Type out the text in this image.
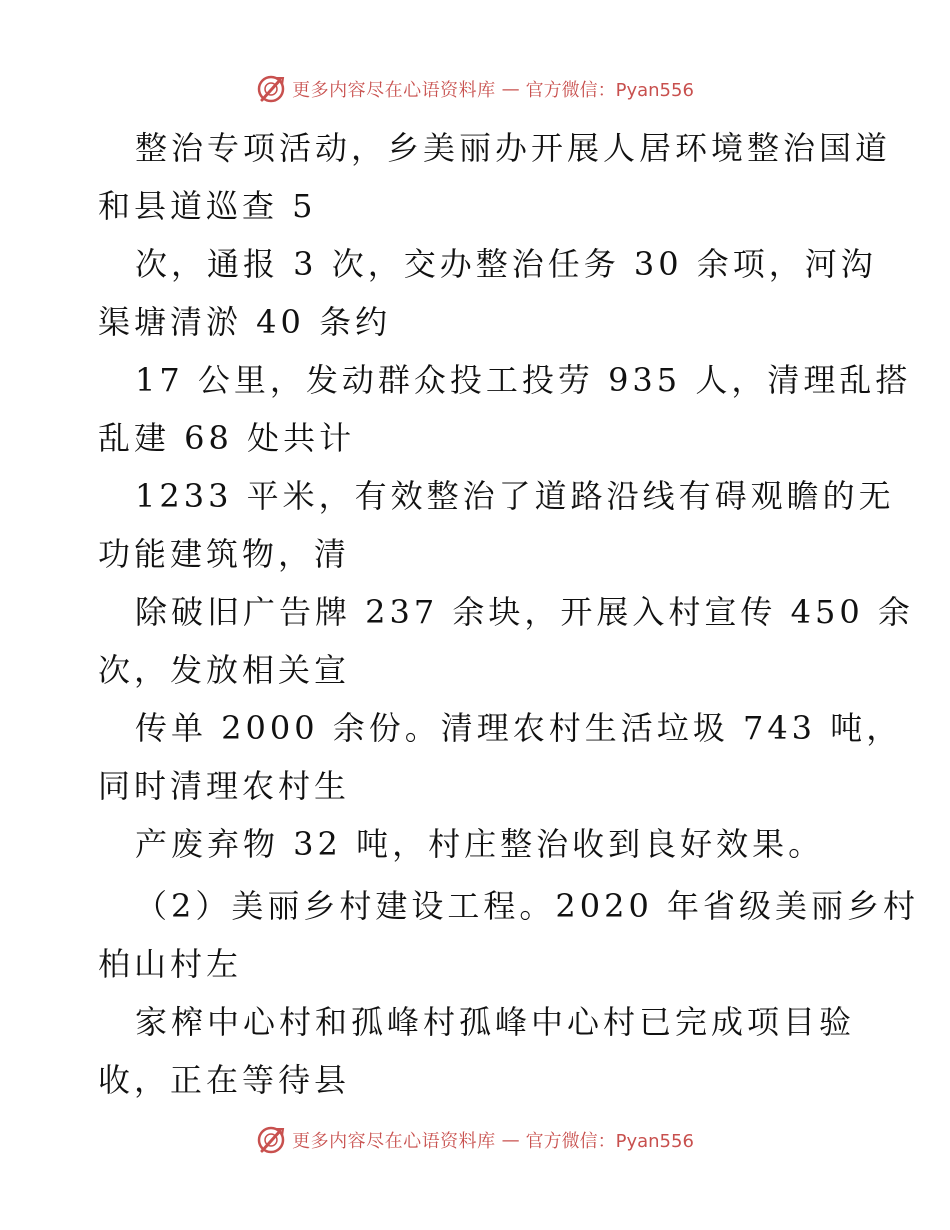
更多内容尽在心语资料库 — 官方微信：Pyan556
整治专项活动，乡美丽办开展人居环境整治国道
和县道巡查 5
次，通报 3 次，交办整治任务 30 余项，河沟
渠塘清淤 40 条约
17 公里，发动群众投工投劳 935 人，清理乱搭
乱建 68 处共计
1233 平米，有效整治了道路沿线有碍观瞻的无
功能建筑物，清
除破旧广告牌 237 余块，开展入村宣传 450 余
次，发放相关宣
传单 2000 余份。清理农村生活垃圾 743 吨，
同时清理农村生
产废弃物 32 吨，村庄整治收到良好效果。
（2）美丽乡村建设工程。2020 年省级美丽乡村
柏山村左
家榨中心村和孤峰村孤峰中心村已完成项目验
收，正在等待县
更多内容尽在心语资料库 — 官方微信：Pyan556
